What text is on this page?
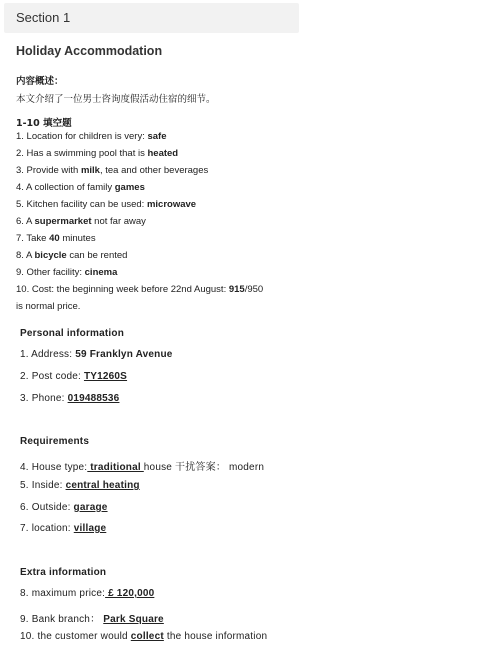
Section 1
Holiday Accommodation
内容概述：
本文介绍了一位男士咨询度假活动住宿的细节。
1-10 填空题
1. Location for children is very: safe
2. Has a swimming pool that is heated
3. Provide with milk, tea and other beverages
4. A collection of family games
5. Kitchen facility can be used: microwave
6. A supermarket not far away
7. Take 40 minutes
8. A bicycle can be rented
9. Other facility: cinema
10. Cost: the beginning week before 22nd August: 915/950
is normal price.
Personal information
1. Address: 59 Franklyn Avenue
2. Post code: TY1260S
3. Phone: 019488536
Requirements
4. House type: traditional house 干扰答案： modern
5. Inside: central heating
6. Outside: garage
7. location: village
Extra information
8. maximum price: £ 120,000
9. Bank branch： Park Square
10. the customer would collect the house information
